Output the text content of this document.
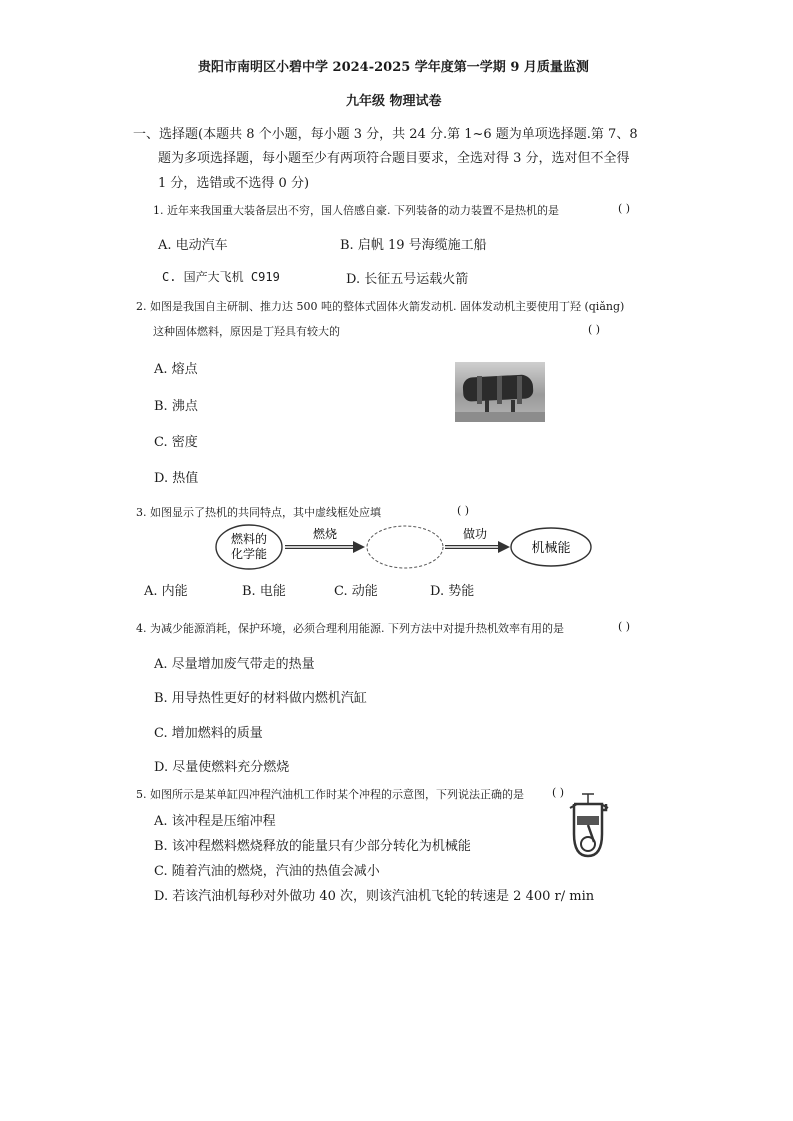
贵阳市南明区小碧中学 2024-2025 学年度第一学期 9 月质量监测
九年级 物理试卷
一、选择题(本题共 8 个小题，每小题 3 分，共 24 分.第 1~6 题为单项选择题.第 7、8
题为多项选择题，每小题至少有两项符合题目要求，全选对得 3 分，选对但不全得
1 分，选错或不选得 0 分)
1. 近年来我国重大装备层出不穷，国人倍感自豪. 下列装备的动力装置不是热机的是	( )
A. 电动汽车	B. 启帆 19 号海缆施工船
C. 国产大飞机 C919	D. 长征五号运载火箭
2. 如图是我国自主研制、推力达 500 吨的整体式固体火箭发动机. 固体发动机主要使用丁羟 (qiǎng)
这种固体燃料，原因是丁羟具有较大的	( )
A. 熔点
B. 沸点
C. 密度
D. 热值
3. 如图显示了热机的共同特点，其中虚线框处应填	( )
燃料的
化学能
燃烧	做功
机械能
A. 内能	B. 电能	C. 动能	D. 势能
4. 为减少能源消耗，保护环境，必须合理利用能源. 下列方法中对提升热机效率有用的是	( )
A. 尽量增加废气带走的热量
B. 用导热性更好的材料做内燃机汽缸
C. 增加燃料的质量
D. 尽量使燃料充分燃烧
5. 如图所示是某单缸四冲程汽油机工作时某个冲程的示意图，下列说法正确的是	( )
A. 该冲程是压缩冲程
B. 该冲程燃料燃烧释放的能量只有少部分转化为机械能
C. 随着汽油的燃烧，汽油的热值会减小
D. 若该汽油机每秒对外做功 40 次，则该汽油机飞轮的转速是 2 400 r/ min
